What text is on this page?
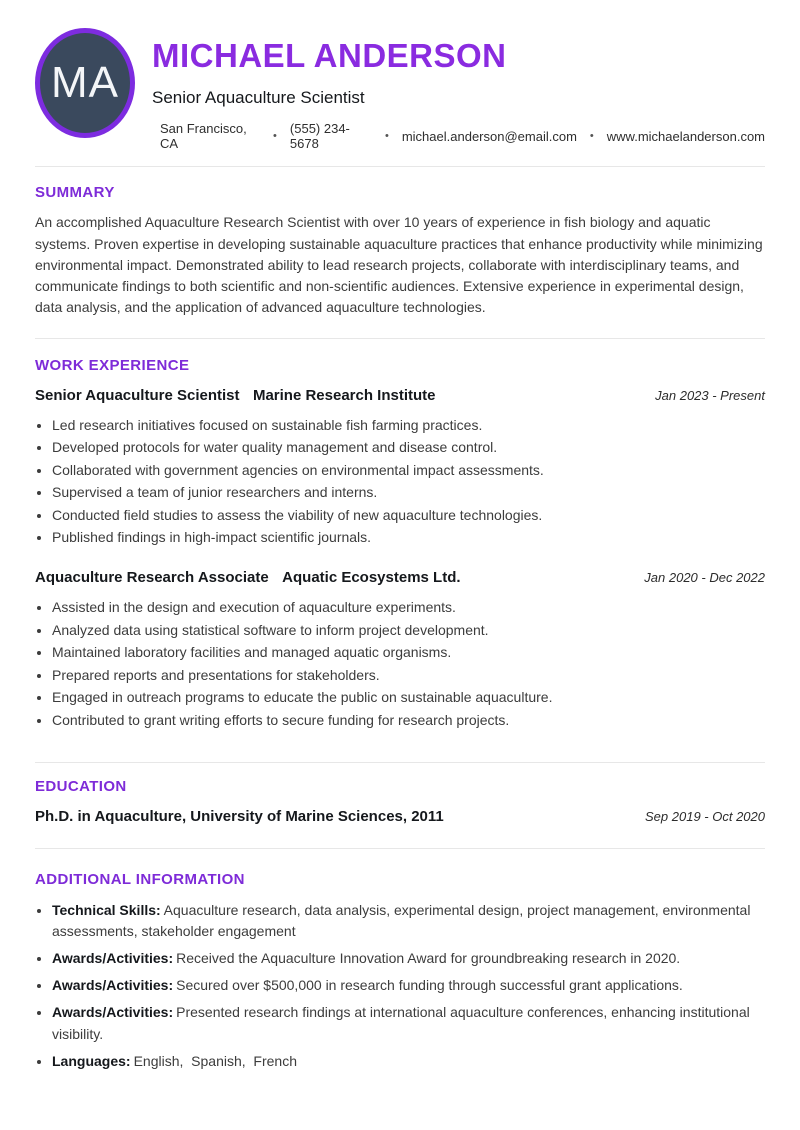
MA
MICHAEL ANDERSON
Senior Aquaculture Scientist
San Francisco, CA	• (555) 234-5678	• michael.anderson@email.com • www.michaelanderson.com
SUMMARY

An accomplished Aquaculture Research Scientist with over 10 years of experience in fish biology and aquatic systems. Proven expertise in developing sustainable aquaculture practices that enhance productivity while minimizing environmental impact. Demonstrated ability to lead research projects, collaborate with interdisciplinary teams, and communicate findings to both scientific and non-scientific audiences. Extensive experience in experimental design, data analysis, and the application of advanced aquaculture technologies.

WORK EXPERIENCE
Senior Aquaculture Scientist Marine Research Institute	Jan 2023 - Present
• Led research initiatives focused on sustainable fish farming practices.
• Developed protocols for water quality management and disease control.
• Collaborated with government agencies on environmental impact assessments.
• Supervised a team of junior researchers and interns.
• Conducted field studies to assess the viability of new aquaculture technologies.
• Published findings in high-impact scientific journals.
Aquaculture Research Associate Aquatic Ecosystems Ltd.	Jan 2020 - Dec 2022
• Assisted in the design and execution of aquaculture experiments.
• Analyzed data using statistical software to inform project development.
• Maintained laboratory facilities and managed aquatic organisms.
• Prepared reports and presentations for stakeholders.
• Engaged in outreach programs to educate the public on sustainable aquaculture.
• Contributed to grant writing efforts to secure funding for research projects.
EDUCATION
Ph.D. in Aquaculture, University of Marine Sciences, 2011	Sep 2019 - Oct 2020
ADDITIONAL INFORMATION
• Technical Skills: Aquaculture research, data analysis, experimental design, project management, environmental assessments, stakeholder engagement
• Awards/Activities: Received the Aquaculture Innovation Award for groundbreaking research in 2020.
• Awards/Activities: Secured over $500,000 in research funding through successful grant applications.
• Awards/Activities: Presented research findings at international aquaculture conferences, enhancing institutional visibility.
• Languages: English,  Spanish,  French
